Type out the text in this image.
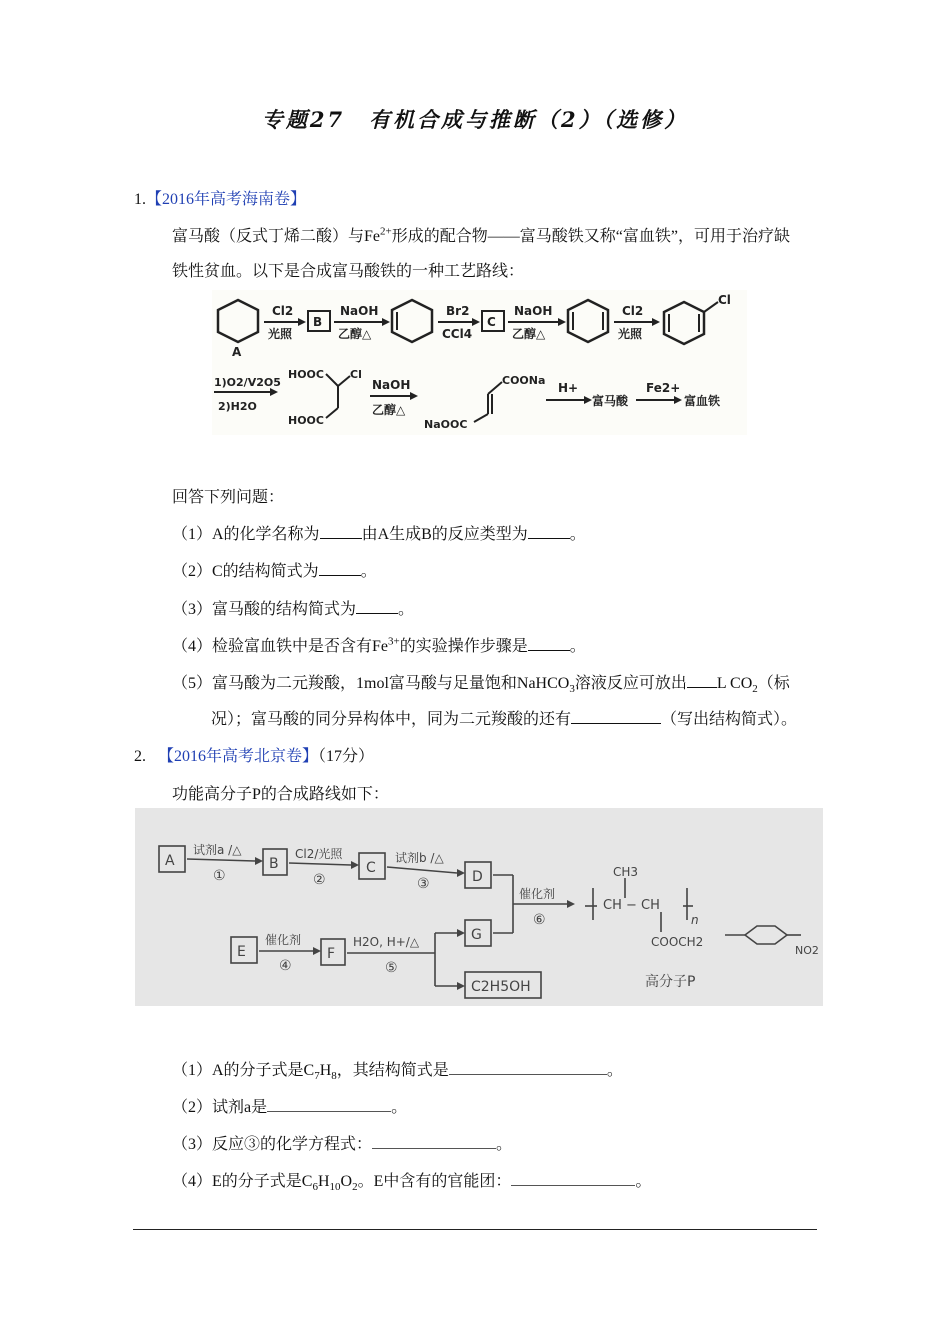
专题27　有机合成与推断（2）（选修）
1.【2016年高考海南卷】
富马酸（反式丁烯二酸）与$Fe^{2+}$形成的配合物——富马酸铁又称“富血铁”，可用于治疗缺
铁性贫血。以下是合成富马酸铁的一种工艺路线：
A
Cl2
光照
B
NaOH
乙醇△
Br2
CCl4
C
NaOH
乙醇△
Cl2
光照
Cl
1)O2/V2O5
2)H2O
HOOC Cl
HOOC
NaOH
乙醇△
COONa
NaOOC
H+
富马酸
Fe2+
富血铁
回答下列问题：
（1）A的化学名称为	由A生成B的反应类型为	。
（2）C的结构简式为	。
（3）富马酸的结构简式为	。
（4）检验富血铁中是否含有$Fe^{3+}$的实验操作步骤是	。
（5）富马酸为二元羧酸，1mol富马酸与足量饱和NaHCO$_3$溶液反应可放出 L $CO_2$（标
况）；富马酸的同分异构体中，同为二元羧酸的还有	（写出结构简式）。
2. 【2016年高考北京卷】（17分）
功能高分子P的合成路线如下：
A	B	C
D
E	F
G
C2H5OH
试剂a /△
①
Cl2/光照
②
试剂b /△
③
催化剂
④
H2O, H+/△
⑤
催化剂
⑥
CH3
CH − CH
n
COOCH2
NO2
高分子P
（1）A的分子式是$C_7H_8$，其结构简式是	。
（2）试剂a是	。
（3）反应③的化学方程式：	。
（4）E的分子式是$C_6H_{10}O_2$。E中含有的官能团：	。
